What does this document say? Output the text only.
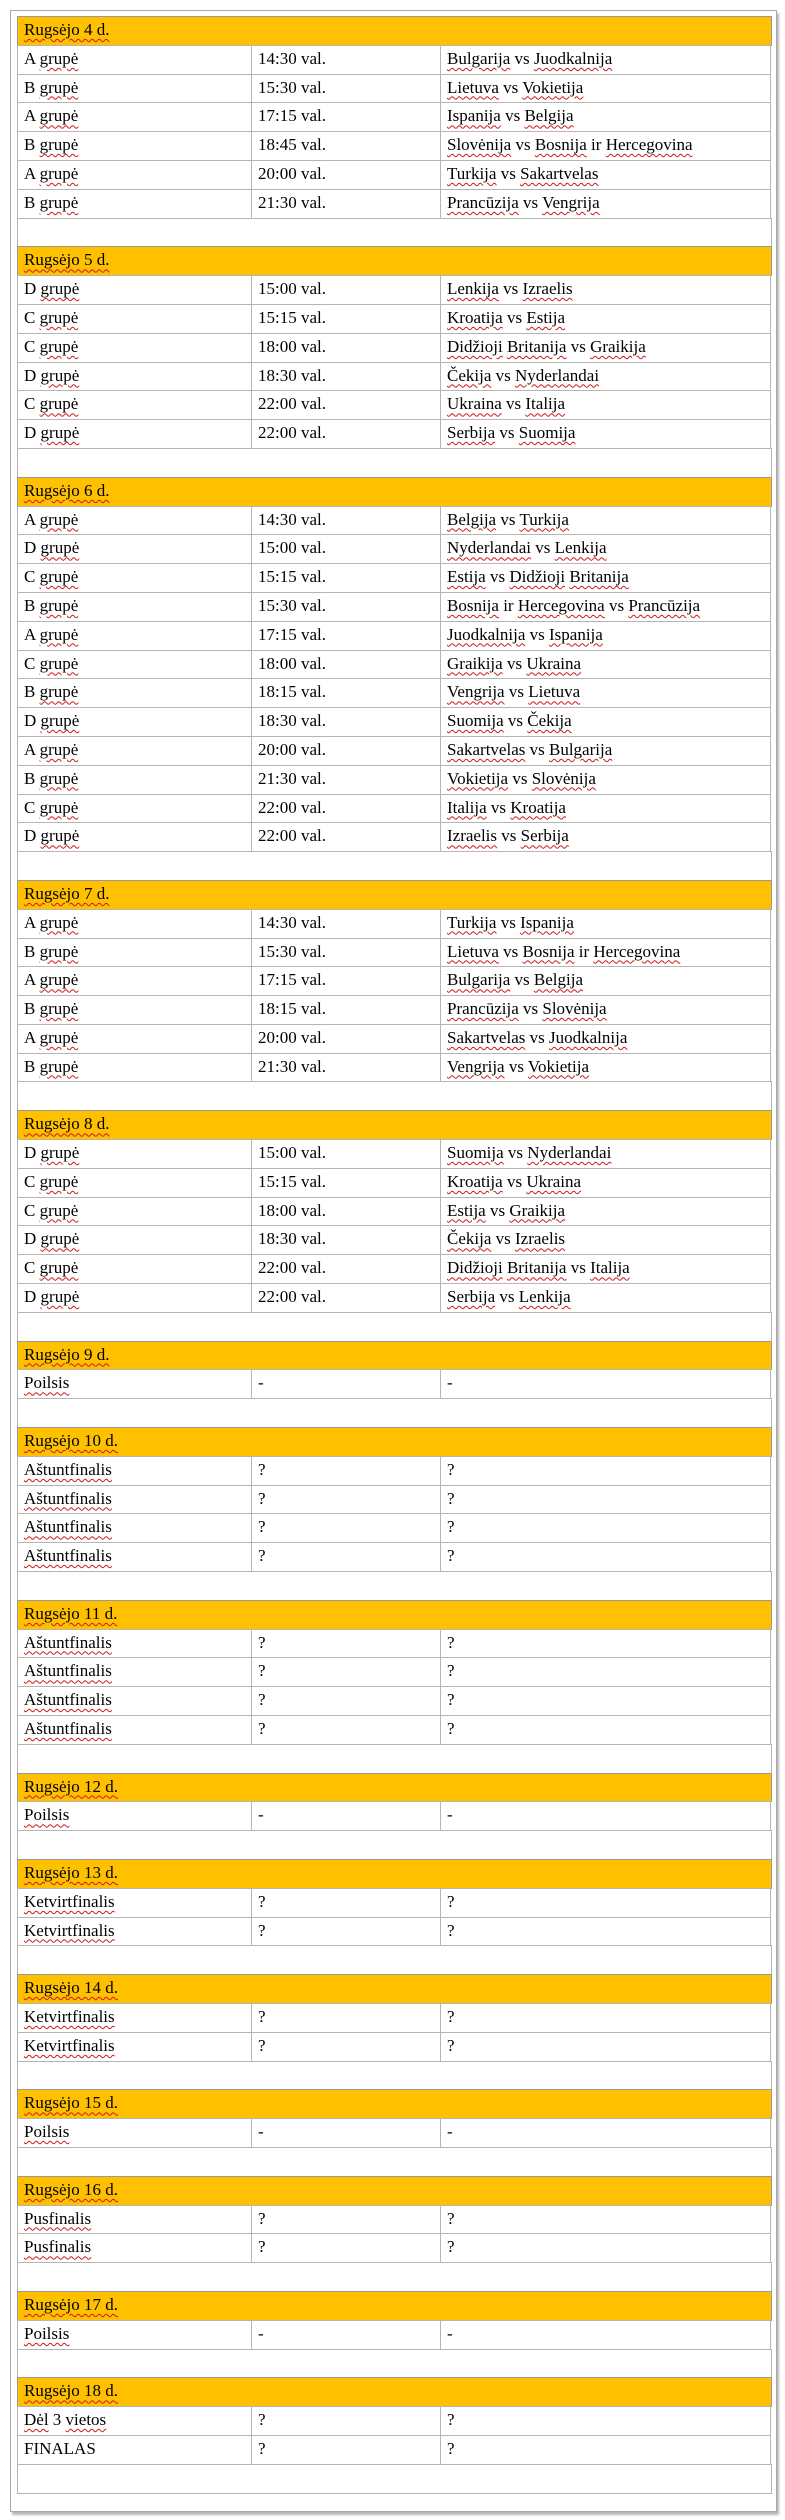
Rugsėjo 4 d.
A grupė	14:30 val.	Bulgarija vs Juodkalnija
B grupė	15:30 val.	Lietuva vs Vokietija
A grupė	17:15 val.	Ispanija vs Belgija
B grupė	18:45 val.	Slovėnija vs Bosnija ir Hercegovina
A grupė	20:00 val.	Turkija vs Sakartvelas
B grupė	21:30 val.	Prancūzija vs Vengrija
Rugsėjo 5 d.
D grupė	15:00 val.	Lenkija vs Izraelis
C grupė	15:15 val.	Kroatija vs Estija
C grupė	18:00 val.	Didžioji Britanija vs Graikija
D grupė	18:30 val.	Čekija vs Nyderlandai
C grupė	22:00 val.	Ukraina vs Italija
D grupė	22:00 val.	Serbija vs Suomija
Rugsėjo 6 d.
A grupė	14:30 val.	Belgija vs Turkija
D grupė	15:00 val.	Nyderlandai vs Lenkija
C grupė	15:15 val.	Estija vs Didžioji Britanija
B grupė	15:30 val.	Bosnija ir Hercegovina vs Prancūzija
A grupė	17:15 val.	Juodkalnija vs Ispanija
C grupė	18:00 val.	Graikija vs Ukraina
B grupė	18:15 val.	Vengrija vs Lietuva
D grupė	18:30 val.	Suomija vs Čekija
A grupė	20:00 val.	Sakartvelas vs Bulgarija
B grupė	21:30 val.	Vokietija vs Slovėnija
C grupė	22:00 val.	Italija vs Kroatija
D grupė	22:00 val.	Izraelis vs Serbija
Rugsėjo 7 d.
A grupė	14:30 val.	Turkija vs Ispanija
B grupė	15:30 val.	Lietuva vs Bosnija ir Hercegovina
A grupė	17:15 val.	Bulgarija vs Belgija
B grupė	18:15 val.	Prancūzija vs Slovėnija
A grupė	20:00 val.	Sakartvelas vs Juodkalnija
B grupė	21:30 val.	Vengrija vs Vokietija
Rugsėjo 8 d.
D grupė	15:00 val.	Suomija vs Nyderlandai
C grupė	15:15 val.	Kroatija vs Ukraina
C grupė	18:00 val.	Estija vs Graikija
D grupė	18:30 val.	Čekija vs Izraelis
C grupė	22:00 val.	Didžioji Britanija vs Italija
D grupė	22:00 val.	Serbija vs Lenkija
Rugsėjo 9 d.
Poilsis	-	-
Rugsėjo 10 d.
Aštuntfinalis	?	?
Aštuntfinalis	?	?
Aštuntfinalis	?	?
Aštuntfinalis	?	?
Rugsėjo 11 d.
Aštuntfinalis	?	?
Aštuntfinalis	?	?
Aštuntfinalis	?	?
Aštuntfinalis	?	?
Rugsėjo 12 d.
Poilsis	-	-
Rugsėjo 13 d.
Ketvirtfinalis	?	?
Ketvirtfinalis	?	?
Rugsėjo 14 d.
Ketvirtfinalis	?	?
Ketvirtfinalis	?	?
Rugsėjo 15 d.
Poilsis	-	-
Rugsėjo 16 d.
Pusfinalis	?	?
Pusfinalis	?	?
Rugsėjo 17 d.
Poilsis	-	-
Rugsėjo 18 d.
Dėl 3 vietos	?	?
FINALAS	?	?
